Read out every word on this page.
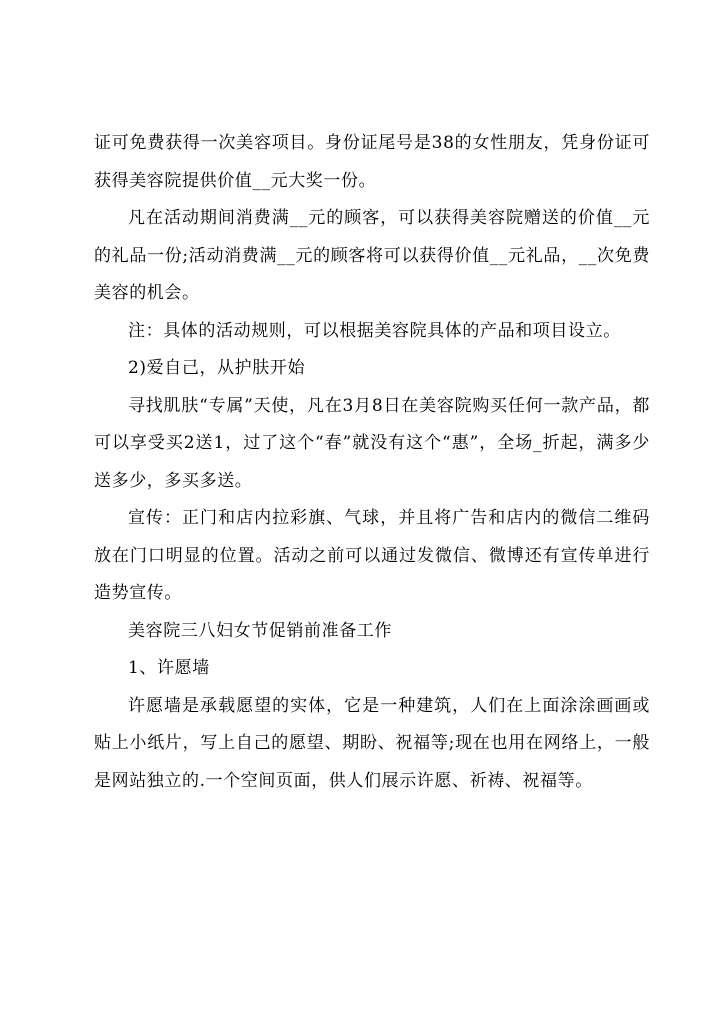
证可免费获得一次美容项目。身份证尾号是38的女性朋友，凭身份证可获得美容院提供价值__元大奖一份。

凡在活动期间消费满__元的顾客，可以获得美容院赠送的价值__元的礼品一份;活动消费满__元的顾客将可以获得价值__元礼品，__次免费美容的机会。

注：具体的活动规则，可以根据美容院具体的产品和项目设立。

2)爱自己，从护肤开始

寻找肌肤“专属”天使，凡在3月8日在美容院购买任何一款产品，都可以享受买2送1，过了这个“春”就没有这个“惠”，全场_折起，满多少送多少，多买多送。

宣传：正门和店内拉彩旗、气球，并且将广告和店内的微信二维码放在门口明显的位置。活动之前可以通过发微信、微博还有宣传单进行造势宣传。

美容院三八妇女节促销前准备工作

1、许愿墙

许愿墙是承载愿望的实体，它是一种建筑，人们在上面涂涂画画或贴上小纸片，写上自己的愿望、期盼、祝福等;现在也用在网络上，一般是网站独立的.一个空间页面，供人们展示许愿、祈祷、祝福等。
